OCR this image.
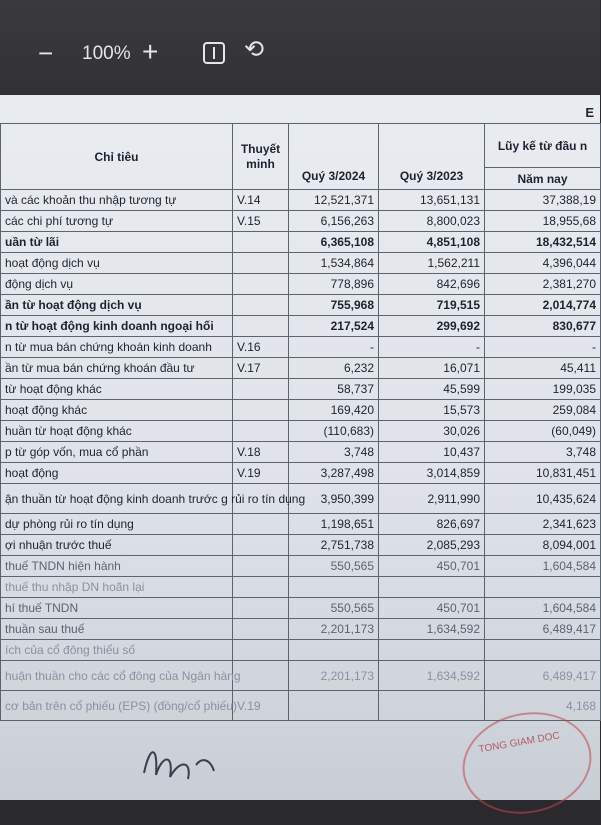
− 100% +	⟲
E
Chỉ tiêu	Thuyết minh	Quý 3/2024	Quý 3/2023	Lũy kế từ đầu n
				Năm nay
và các khoản thu nhập tương tự	V.14	12,521,371	13,651,131	37,388,19
các chi phí tương tự	V.15	6,156,263	8,800,023	18,955,68
uần từ lãi		6,365,108	4,851,108	18,432,514
hoạt động dịch vụ		1,534,864	1,562,211	4,396,044
động dịch vụ		778,896	842,696	2,381,270
ần từ hoạt động dịch vụ		755,968	719,515	2,014,774
n từ hoạt động kinh doanh ngoại hối		217,524	299,692	830,677
n từ mua bán chứng khoán kinh doanh	V.16	-	-	-
ần từ mua bán chứng khoán đầu tư	V.17	6,232	16,071	45,411
từ hoạt động khác		58,737	45,599	199,035
hoạt động khác		169,420	15,573	259,084
huần từ hoạt động khác		(110,683)	30,026	(60,049)
p từ góp vốn, mua cổ phần	V.18	3,748	10,437	3,748
hoạt động	V.19	3,287,498	3,014,859	10,831,451
ận thuần từ hoạt động kinh doanh trước g rủi ro tín dụng		3,950,399	2,911,990	10,435,624
dự phòng rủi ro tín dụng		1,198,651	826,697	2,341,623
ợi nhuận trước thuế		2,751,738	2,085,293	8,094,001
thuế TNDN hiện hành		550,565	450,701	1,604,584
thuế thu nhập DN hoãn lại				
hí thuế TNDN		550,565	450,701	1,604,584
thuần sau thuế		2,201,173	1,634,592	6,489,417
ích của cổ đông thiểu số				
huận thuần cho các cổ đông của Ngân hàng		2,201,173	1,634,592	6,489,417
cơ bản trên cổ phiếu (EPS) (đồng/cổ phiếu)	V.19			4,168
TONG GIAM DOC
